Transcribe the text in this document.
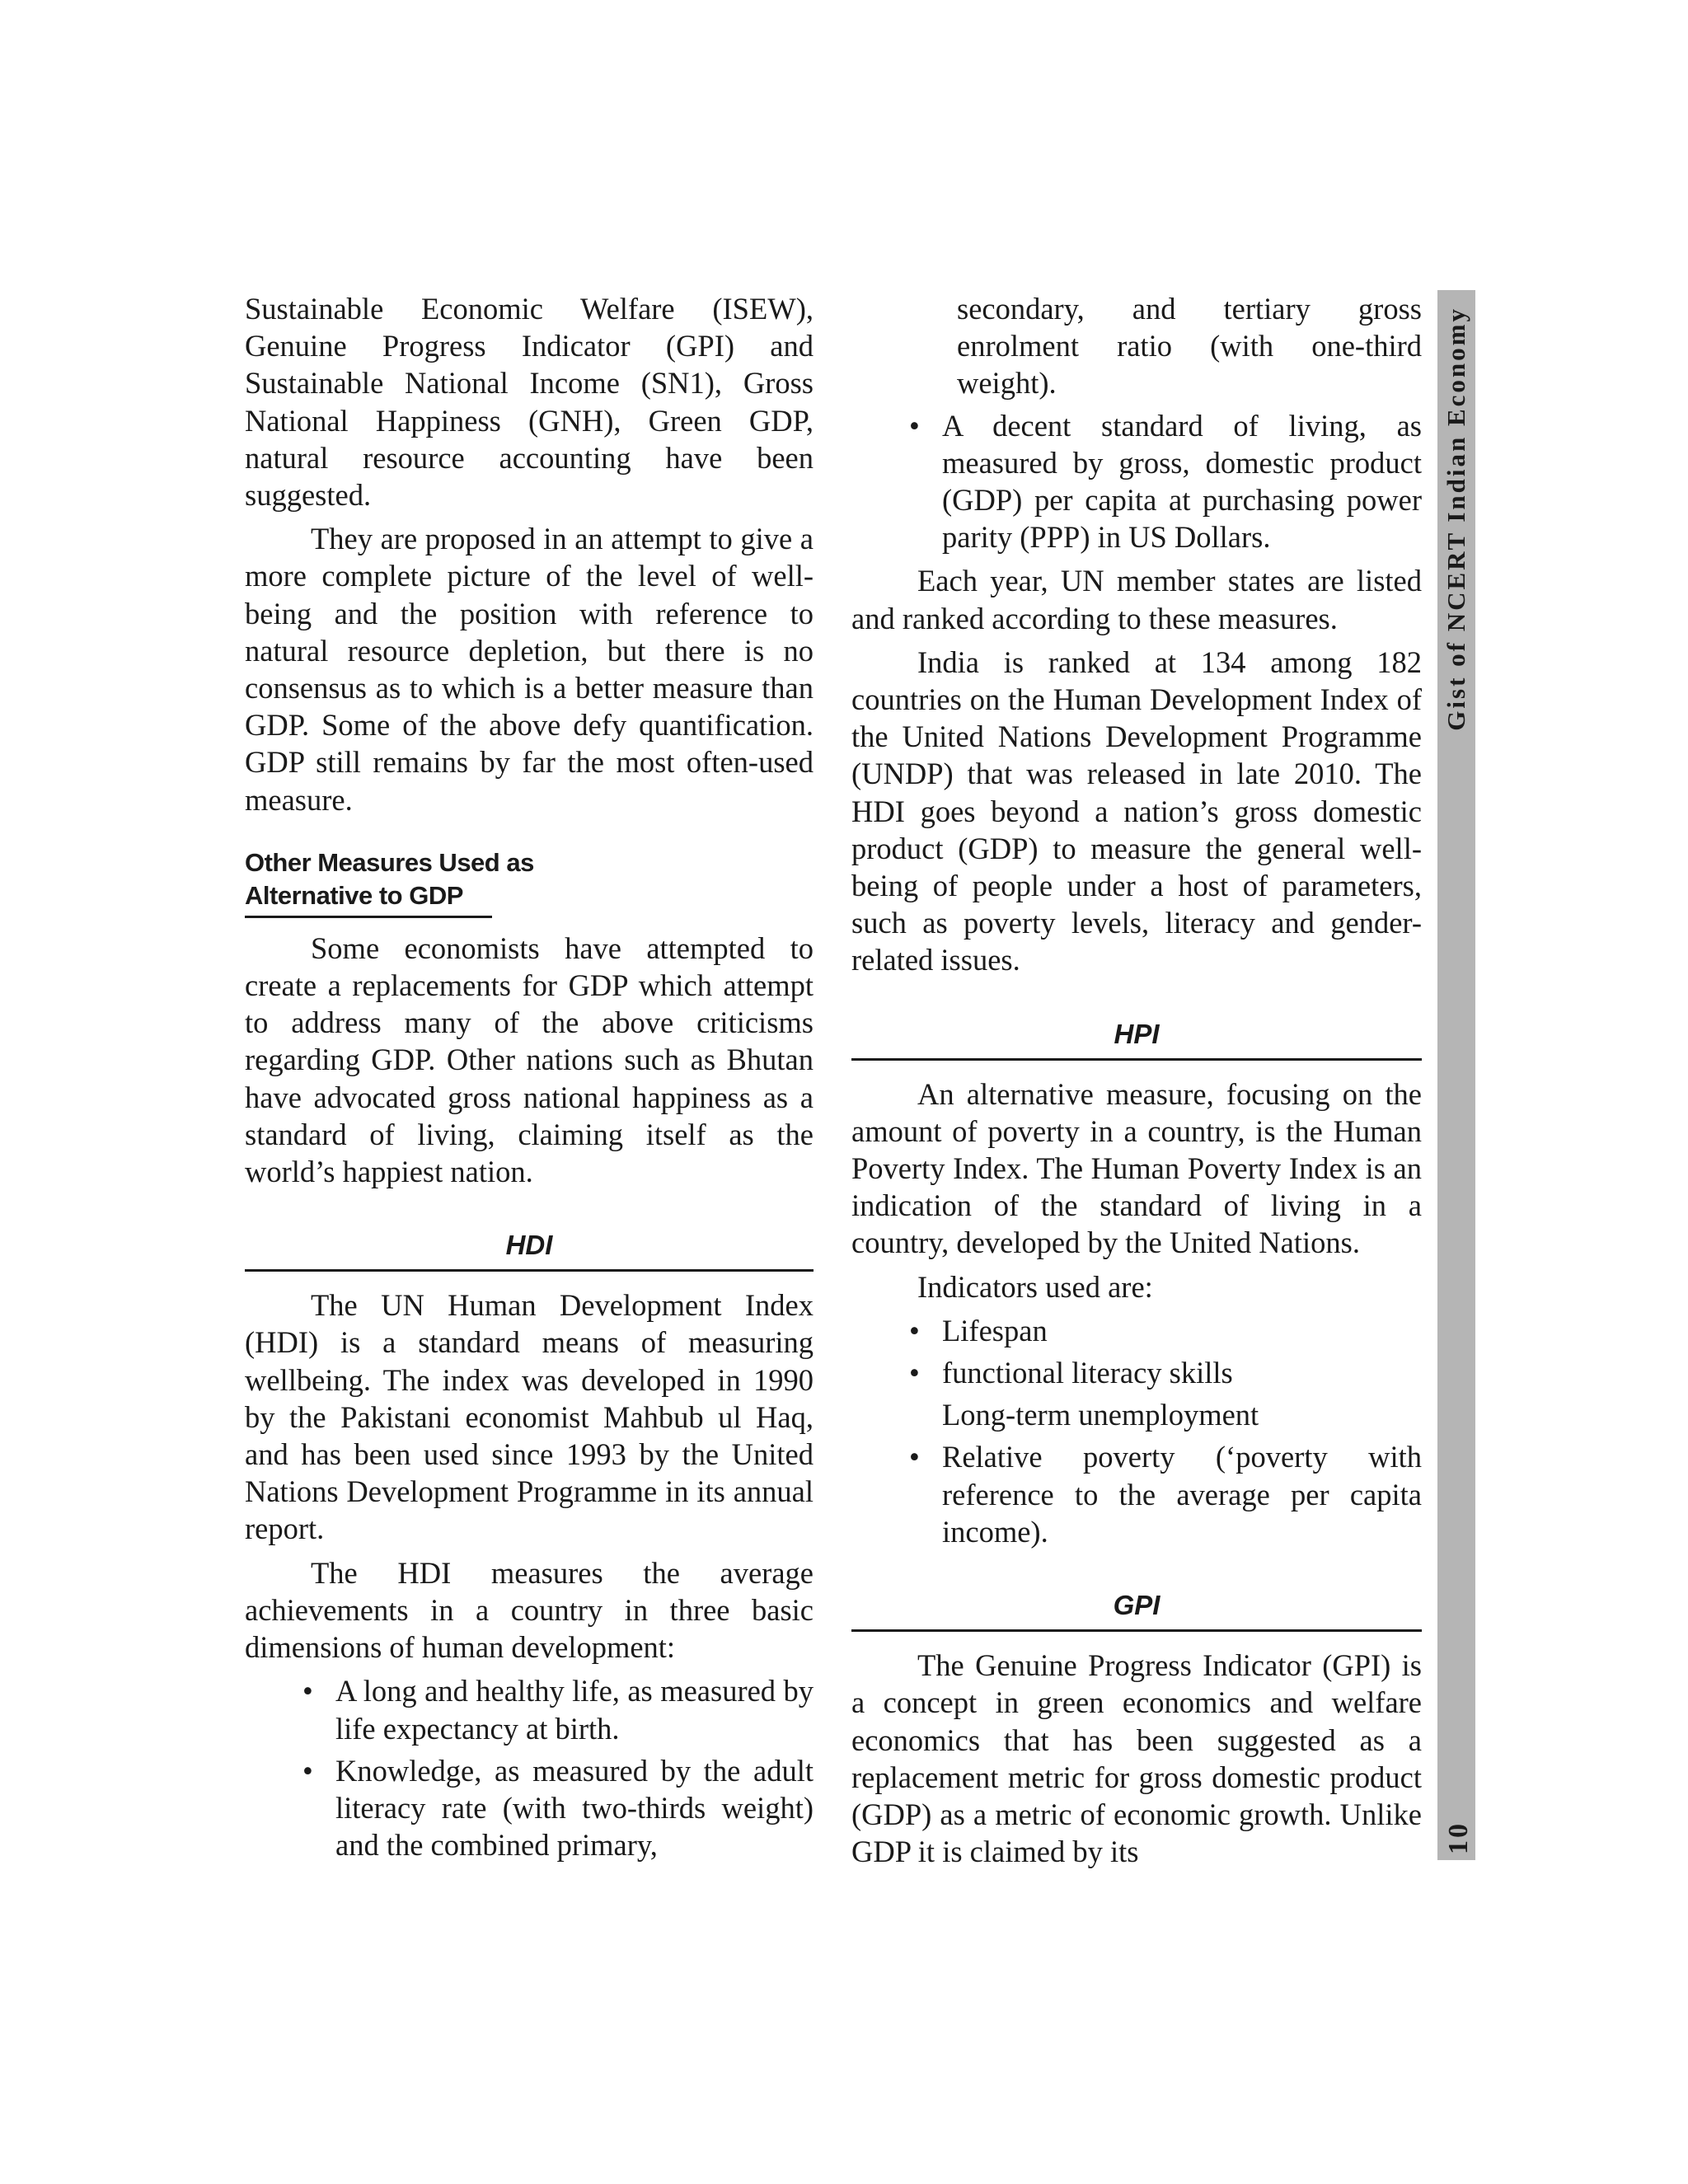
Sustainable Economic Welfare (ISEW), Genuine Progress Indicator (GPI) and Sustainable National Income (SN1), Gross National Happiness (GNH), Green GDP, natural resource accounting have been suggested.

They are proposed in an attempt to give a more complete picture of the level of well-being and the position with reference to natural resource depletion, but there is no consensus as to which is a better measure than GDP. Some of the above defy quantification. GDP still remains by far the most often-used measure.

Other Measures Used as
Alternative to GDP

Some economists have attempted to create a replacements for GDP which attempt to address many of the above criticisms regarding GDP. Other nations such as Bhutan have advocated gross national happiness as a standard of living, claiming itself as the world’s happiest nation.

HDI

The UN Human Development Index (HDI) is a standard means of measuring wellbeing. The index was developed in 1990 by the Pakistani economist Mahbub ul Haq, and has been used since 1993 by the United Nations Development Programme in its annual report.

The HDI measures the average achievements in a country in three basic dimensions of human development:

• A long and healthy life, as measured by life expectancy at birth.
• Knowledge, as measured by the adult literacy rate (with two-thirds weight) and the combined primary,
secondary, and tertiary gross enrolment ratio (with one-third weight).
• A decent standard of living, as measured by gross, domestic product (GDP) per capita at purchasing power parity (PPP) in US Dollars.

Each year, UN member states are listed and ranked according to these measures.

India is ranked at 134 among 182 countries on the Human Development Index of the United Nations Development Programme (UNDP) that was released in late 2010. The HDI goes beyond a nation’s gross domestic product (GDP) to measure the general well-being of people under a host of parameters, such as poverty levels, literacy and gender-related issues.

HPI

An alternative measure, focusing on the amount of poverty in a country, is the Human Poverty Index. The Human Poverty Index is an indication of the standard of living in a country, developed by the United Nations.

Indicators used are:

• Lifespan
• functional literacy skills
Long-term unemployment
• Relative poverty (‘poverty with reference to the average per capita income).
GPI

The Genuine Progress Indicator (GPI) is a concept in green economics and welfare economics that has been suggested as a replacement metric for gross domestic product (GDP) as a metric of economic growth. Unlike GDP it is claimed by its

Gist of NCERT Indian Economy
10
